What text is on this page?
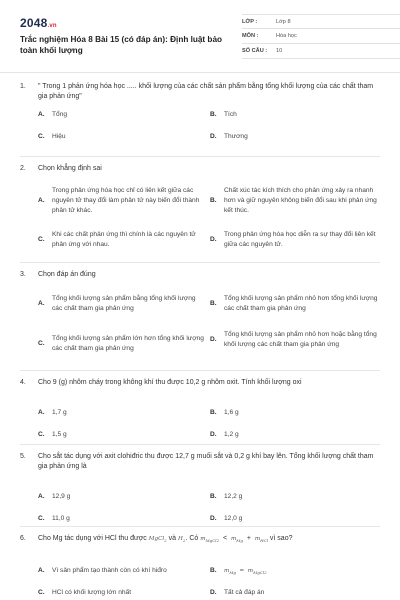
2048.vn
Trắc nghiệm Hóa 8 Bài 15 (có đáp án): Định luật bảo toàn khối lượng
LỚP :	Lớp 8
MÔN :	Hóa học
SỐ CÂU :	10
1.	" Trong 1 phản ứng hóa học ..... khối lượng của các chất sản phẩm bằng tổng khối lượng của các chất tham gia phản ứng"
A.	Tổng	B.	Tích
C.	Hiệu	D.	Thương
2.	Chọn khẳng định sai
A.
Trong phản ứng hóa học chỉ có liên kết giữa các nguyên tử thay đổi làm phân tử này biến đổi thành phân tử khác.
B.
Chất xúc tác kích thích cho phản ứng xảy ra nhanh hơn và giữ nguyên không biến đổi sau khi phản ứng kết thúc.
C.
Khi các chất phản ứng thì chính là các nguyên tử phản ứng với nhau.
D.
Trong phản ứng hóa học diễn ra sự thay đổi liên kết giữa các nguyên tử.
3.	Chọn đáp án đúng
A.
Tổng khối lượng sản phẩm bằng tổng khối lượng các chất tham gia phản ứng
B.
Tổng khối lượng sản phẩm nhỏ hơn tổng khối lượng các chất tham gia phản ứng
C.
Tổng khối lượng sản phẩm lớn hơn tổng khối lượng các chất tham gia phản ứng
D.
Tổng khối lượng sản phẩm nhỏ hơn hoặc bằng tổng khối lượng các chất tham gia phản ứng
4.	Cho 9 (g) nhôm cháy trong không khí thu được 10,2 g nhôm oxit. Tính khối lượng oxi
A.	1,7 g	B.	1,6 g
C.	1,5 g	D.	1,2 g
5.	Cho sắt tác dụng với axit clohiđric thu được 12,7 g muối sắt và 0,2 g khí bay lên. Tổng khối lượng chất tham gia phản ứng là
A.	12,9 g	B.	12,2 g
C.	11,0 g	D.	12,0 g
6.	Cho Mg tác dụng với HCl thu được MgCl$_2$ và $H_2$. Có $m_{MgCl2} < m_{Mg} + m_{HCl}$ vì sao?
A.	Vì sản phẩm tạo thành còn có khí hiđro	B.	$m_{Mg} = m_{MgCl2}$
C.	HCl có khối lượng lớn nhất	D.	Tất cả đáp án
